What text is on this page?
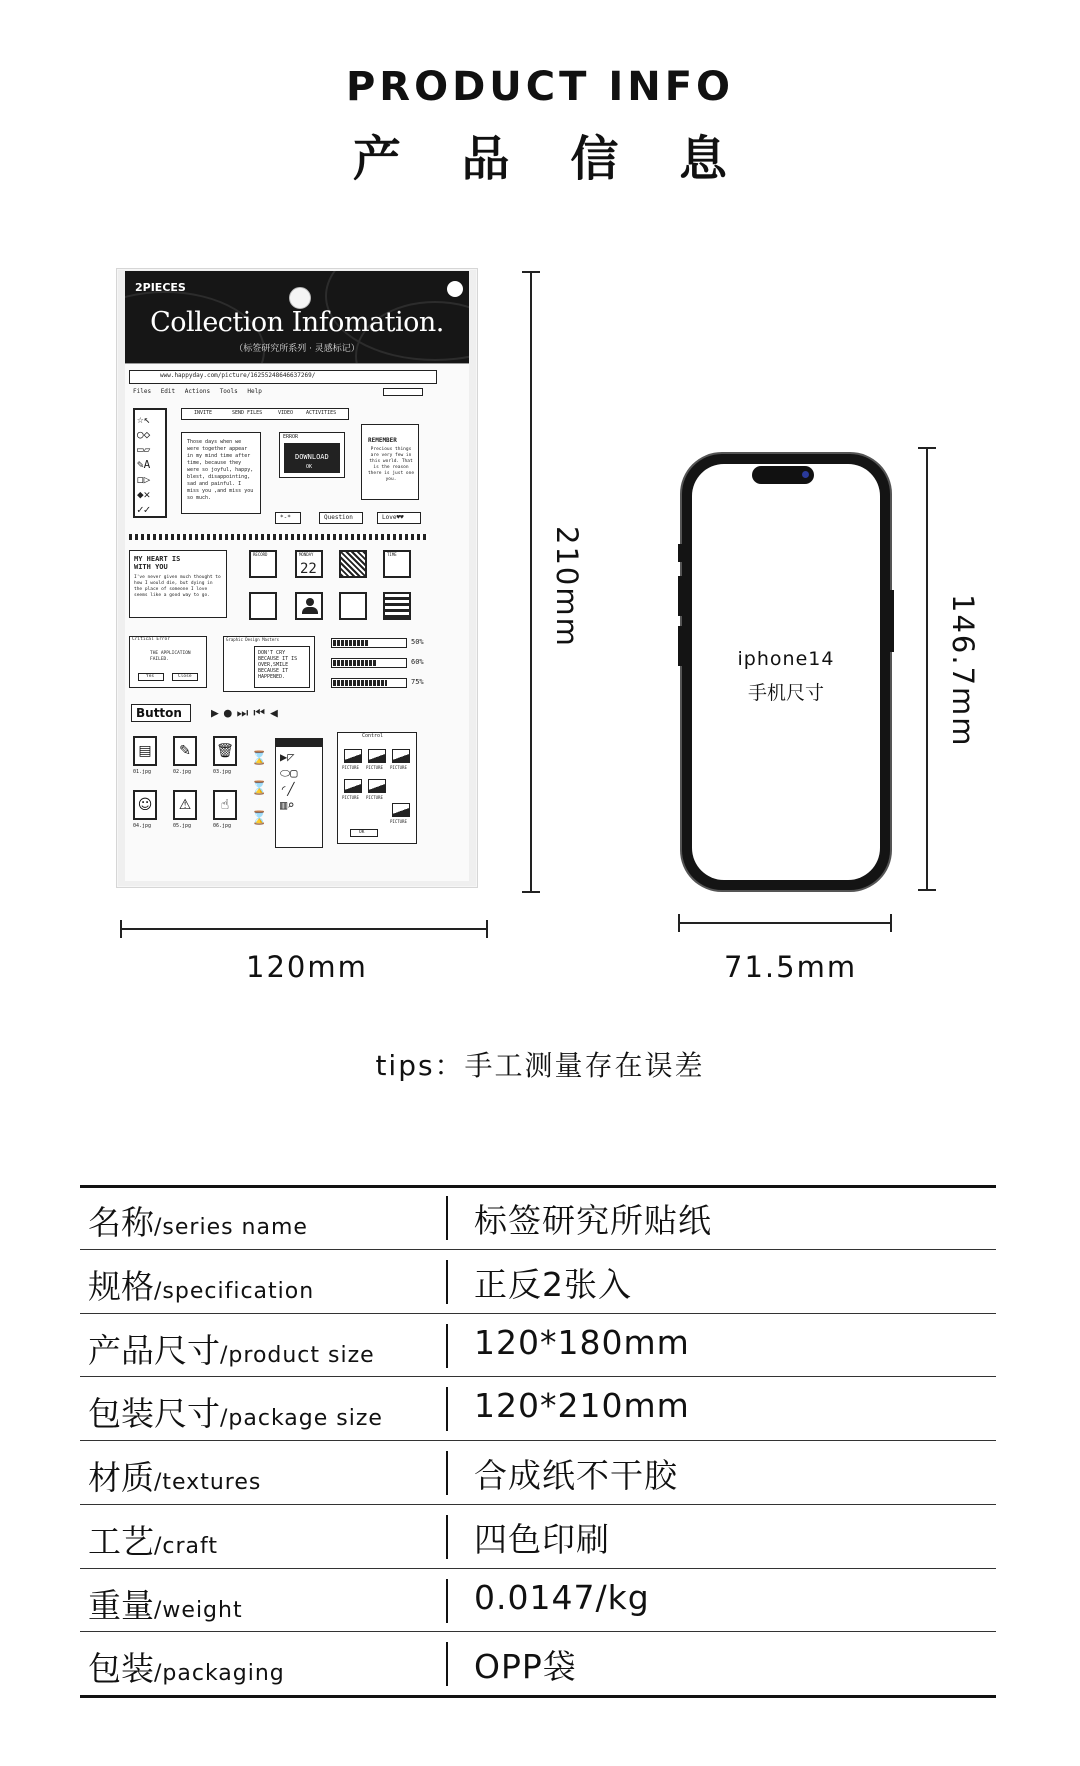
PRODUCT INFO
产 品 信 息
2PIECES
Collection Infomation.
（标签研究所系列 · 灵感标记）
www.happyday.com/picture/16255248646637269/
Files Edit Actions Tools Help
☆↖
○◇
▭▱
✎A
◻▷
◆✕
✓✓
INVITE	SEND FILES	VIDEO	ACTIVITIES
Those days when we were together appear in my mind time after time, because they were so joyful, happy, blest, disappointing, sad and painful. I miss you ,and miss you so much.
ERROR
DOWNLOAD
OK
REMEMBER
Precious things are very few in this world. That is the reason there is just one you.
*-*	Question	Love♥♥
MY HEART IS WITH YOU
I've never given much thought to how I would die, but dying in the place of someone I love seems like a good way to go.
RECORD	MONDAY
22
TIME
Critical Error
THE APPLICATION FAILED.
Yes	Close
Graphic Design Masters
DON'T CRY BECAUSE IT IS OVER,SMILE BECAUSE IT HAPPENED.
50%
60%
75%
Button ▶●⏭⏮◀
▤
01.jpg
✎
02.jpg
🗑
03.jpg
☺
04.jpg
⚠
05.jpg
☝
06.jpg
⌛
⌛
⌛
▶◸
⬭▢
◜╱
▥⌕
Control
PICTURE PICTURE PICTURE
PICTURE PICTURE
PICTURE
OK
210mm
120mm
iphone14
手机尺寸	146.7mm
71.5mm
tips：手工测量存在误差
名称/series name	标签研究所贴纸
规格/specification	正反2张入
产品尺寸/product size	120*180mm
包装尺寸/package size	120*210mm
材质/textures	合成纸不干胶
工艺/craft	四色印刷
重量/weight	0.0147/kg
包装/packaging	OPP袋
